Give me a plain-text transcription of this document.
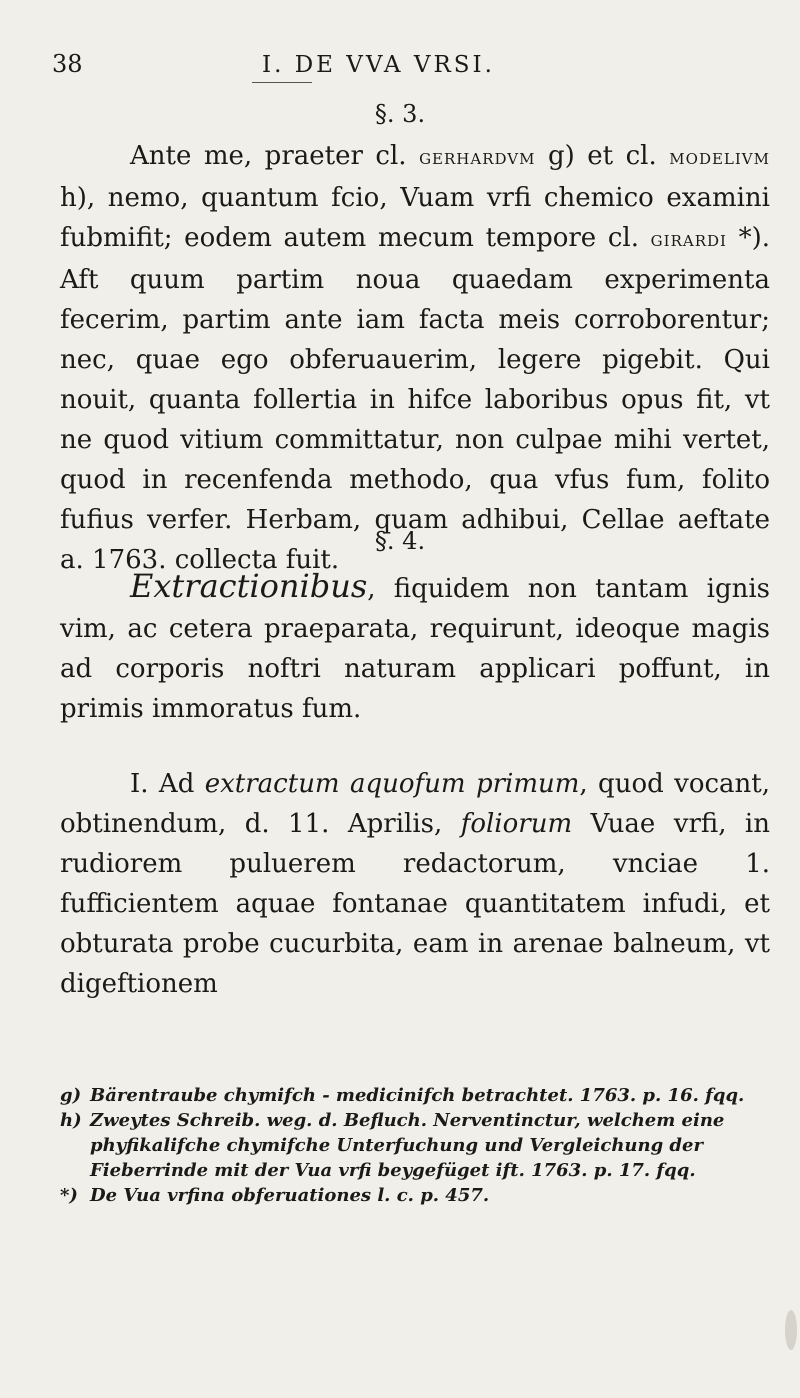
38	I. DE VVA VRSI.
§. 3.
Ante me, praeter cl. gerhardvm g) et cl. modelivm h), nemo, quantum fcio, Vuam vrfi chemico examini fubmifit; eodem autem mecum tempore cl. girardi *). Aft quum partim noua quaedam experimenta fecerim, partim ante iam facta meis corroborentur; nec, quae ego obferuauerim, legere pigebit. Qui nouit, quanta follertia in hifce laboribus opus fit, vt ne quod vitium committatur, non culpae mihi vertet, quod in recenfenda methodo, qua vfus fum, folito fufius verfer. Herbam, quam adhibui, Cellae aeftate a. 1763. collecta fuit.
§. 4.
Extractionibus, fiquidem non tantam ignis vim, ac cetera praeparata, requirunt, ideoque magis ad corporis noftri naturam applicari poffunt, in primis immoratus fum.
I. Ad extractum aquofum primum, quod vocant, obtinendum, d. 11. Aprilis, foliorum Vuae vrfi, in rudiorem puluerem redactorum, vnciae 1. fufficientem aquae fontanae quantitatem infudi, et obturata probe cucurbita, eam in arenae balneum, vt digeftionem
g) Bärentraube chymifch - medicinifch betrachtet. 1763. p. 16. fqq.
h) Zweytes Schreib. weg. d. Befluch. Nerventinctur, welchem eine phyfikalifche chymifche Unterfuchung und Vergleichung der Fieberrinde mit der Vua vrfi beygefüget ift. 1763. p. 17. fqq.
*) De Vua vrfina obferuationes l. c. p. 457.
